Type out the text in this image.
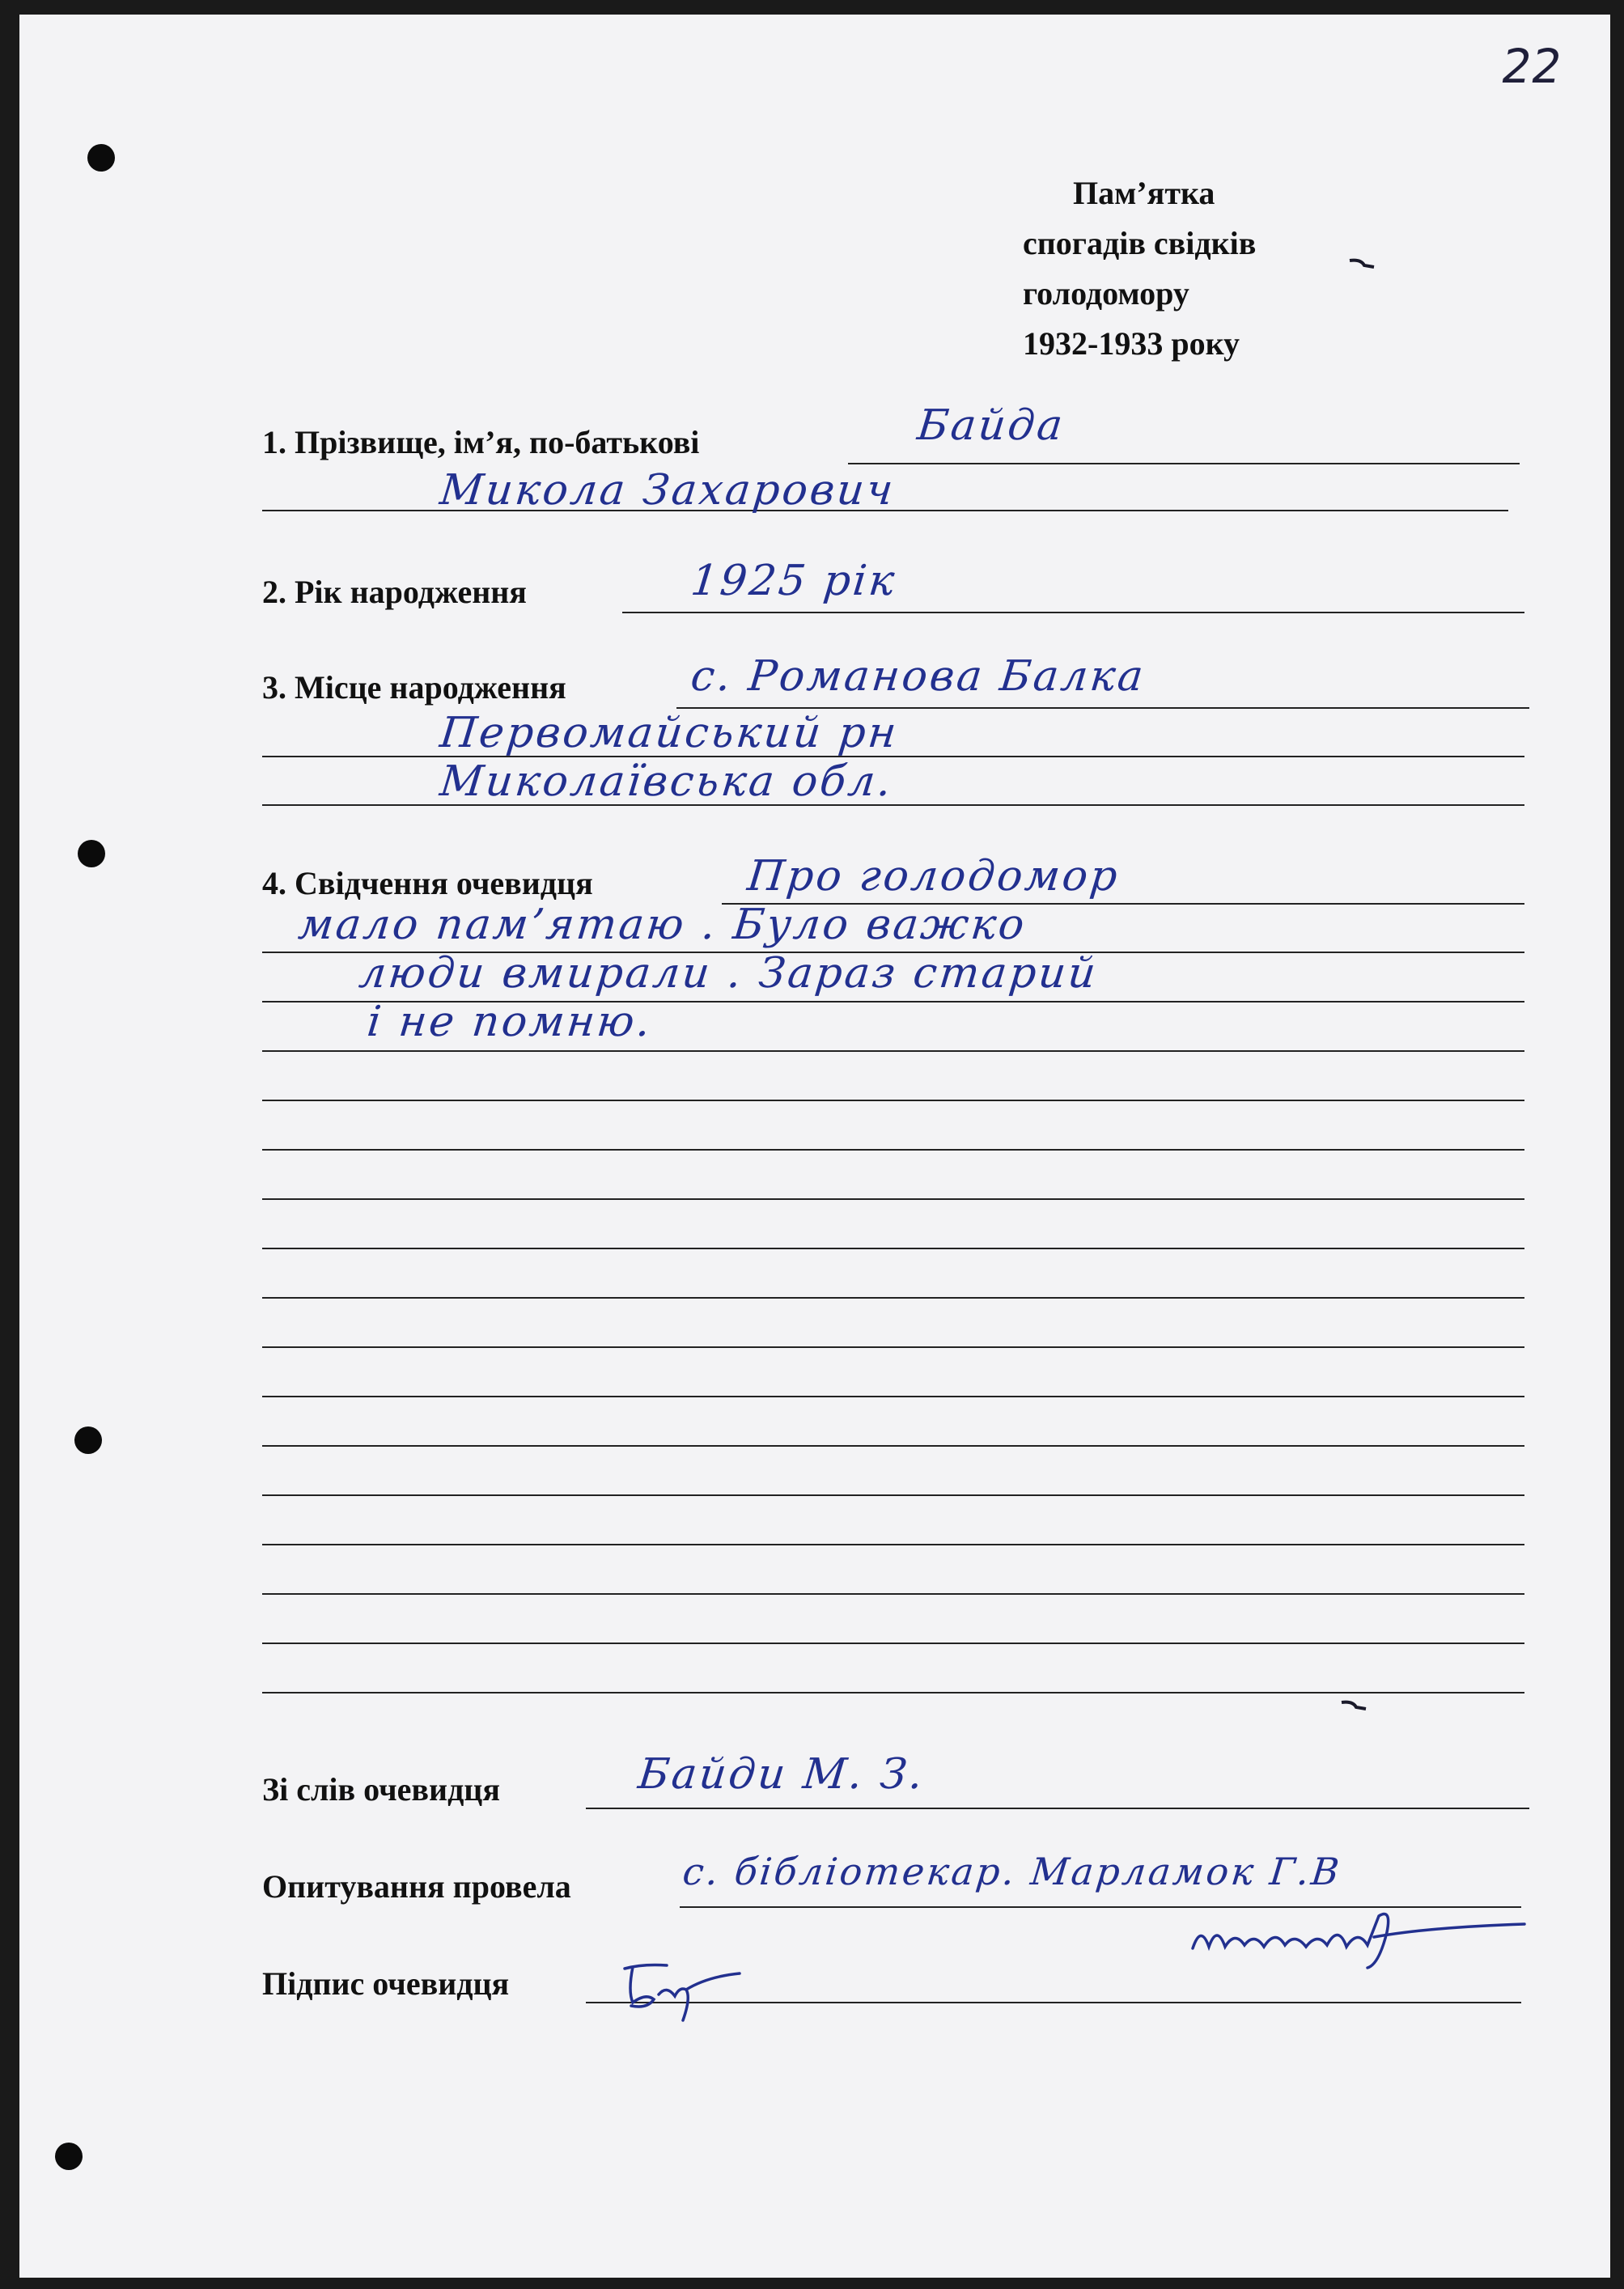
22
Пам’ятка
спогадів свідків
голодомору
1932-1933 року
1. Прізвище, ім’я, по-батькові	Байда
Микола Захарович
2. Рік народження	1925 рік
3. Місце народження	с. Романова Балка
Первомайський рн
Миколаївська обл.
4. Свідчення очевидця	Про голодомор
мало пам’ятаю . Було важко
люди вмирали . Зараз старий
і не помню.
Зі слів очевидця	Байди М. З.
Опитування провела	с. бібліотекар. Марламок Г.В
Підпис очевидця
